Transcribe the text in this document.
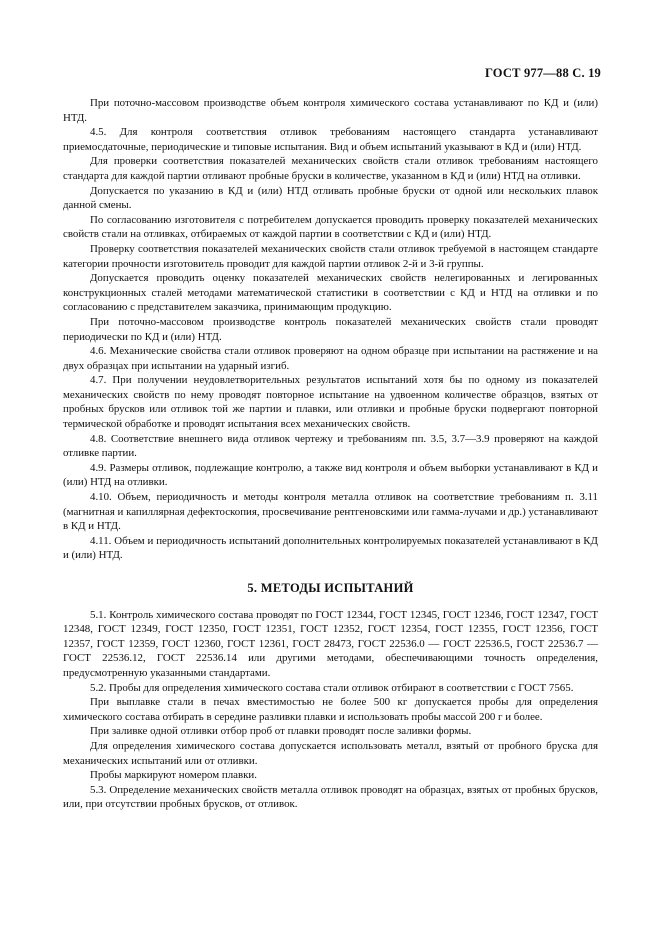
ГОСТ 977—88 С. 19

При поточно-массовом производстве объем контроля химического состава устанавливают по КД и (или) НТД.

4.5. Для контроля соответствия отливок требованиям настоящего стандарта устанавливают приемосдаточные, периодические и типовые испытания. Вид и объем испытаний указывают в КД и (или) НТД.

Для проверки соответствия показателей механических свойств стали отливок требованиям настоящего стандарта для каждой партии отливают пробные бруски в количестве, указанном в КД и (или) НТД на отливки.

Допускается по указанию в КД и (или) НТД отливать пробные бруски от одной или нескольких плавок данной смены.

По согласованию изготовителя с потребителем допускается проводить проверку показателей механических свойств стали на отливках, отбираемых от каждой партии в соответствии с КД и (или) НТД.

Проверку соответствия показателей механических свойств стали отливок требуемой в настоящем стандарте категории прочности изготовитель проводит для каждой партии отливок 2-й и 3-й группы.

Допускается проводить оценку показателей механических свойств нелегированных и легированных конструкционных сталей методами математической статистики в соответствии с КД и НТД на отливки и по согласованию с представителем заказчика, принимающим продукцию.

При поточно-массовом производстве контроль показателей механических свойств стали проводят периодически по КД и (или) НТД.

4.6. Механические свойства стали отливок проверяют на одном образце при испытании на растяжение и на двух образцах при испытании на ударный изгиб.

4.7. При получении неудовлетворительных результатов испытаний хотя бы по одному из показателей механических свойств по нему проводят повторное испытание на удвоенном количестве образцов, взятых от пробных брусков или отливок той же партии и плавки, или отливки и пробные бруски подвергают повторной термической обработке и проводят испытания всех механических свойств.

4.8. Соответствие внешнего вида отливок чертежу и требованиям пп. 3.5, 3.7—3.9 проверяют на каждой отливке партии.

4.9. Размеры отливок, подлежащие контролю, а также вид контроля и объем выборки устанавливают в КД и (или) НТД на отливки.

4.10. Объем, периодичность и методы контроля металла отливок на соответствие требованиям п. 3.11 (магнитная и капиллярная дефектоскопия, просвечивание рентгеновскими или гамма-лучами и др.) устанавливают в КД и НТД.

4.11. Объем и периодичность испытаний дополнительных контролируемых показателей устанавливают в КД и (или) НТД.

5. МЕТОДЫ ИСПЫТАНИЙ

5.1. Контроль химического состава проводят по ГОСТ 12344, ГОСТ 12345, ГОСТ 12346, ГОСТ 12347, ГОСТ 12348, ГОСТ 12349, ГОСТ 12350, ГОСТ 12351, ГОСТ 12352, ГОСТ 12354, ГОСТ 12355, ГОСТ 12356, ГОСТ 12357, ГОСТ 12359, ГОСТ 12360, ГОСТ 12361, ГОСТ 28473, ГОСТ 22536.0 — ГОСТ 22536.5, ГОСТ 22536.7 — ГОСТ 22536.12, ГОСТ 22536.14 или другими методами, обеспечивающими точность определения, предусмотренную указанными стандартами.

5.2. Пробы для определения химического состава стали отливок отбирают в соответствии с ГОСТ 7565.

При выплавке стали в печах вместимостью не более 500 кг допускается пробы для определения химического состава отбирать в середине разливки плавки и использовать пробы массой 200 г и более.

При заливке одной отливки отбор проб от плавки проводят после заливки формы.

Для определения химического состава допускается использовать металл, взятый от пробного бруска для механических испытаний или от отливки.

Пробы маркируют номером плавки.

5.3. Определение механических свойств металла отливок проводят на образцах, взятых от пробных брусков, или, при отсутствии пробных брусков, от отливок.
